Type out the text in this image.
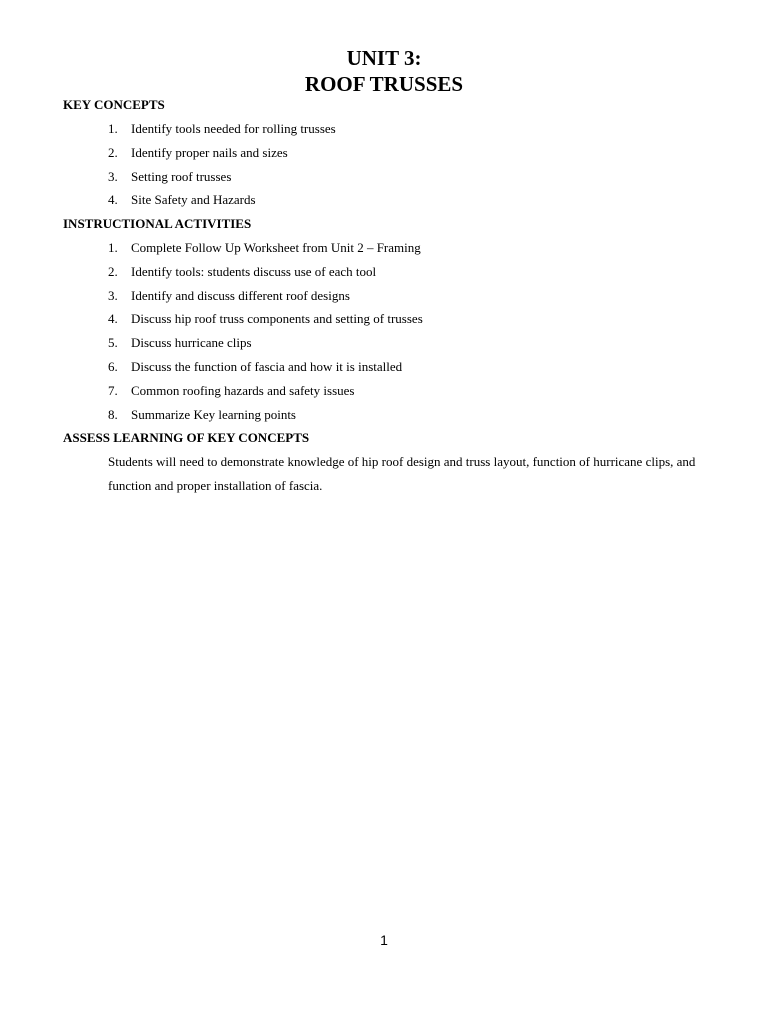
UNIT 3:
ROOF TRUSSES
KEY CONCEPTS
1. Identify tools needed for rolling trusses
2. Identify proper nails and sizes
3. Setting roof trusses
4. Site Safety and Hazards
INSTRUCTIONAL ACTIVITIES
1. Complete Follow Up Worksheet from Unit 2 – Framing
2. Identify tools: students discuss use of each tool
3. Identify and discuss different roof designs
4. Discuss hip roof truss components and setting of trusses
5. Discuss hurricane clips
6. Discuss the function of fascia and how it is installed
7. Common roofing hazards and safety issues
8. Summarize Key learning points
ASSESS LEARNING OF KEY CONCEPTS

Students will need to demonstrate knowledge of hip roof design and truss layout, function of hurricane clips, and function and proper installation of fascia.

1
